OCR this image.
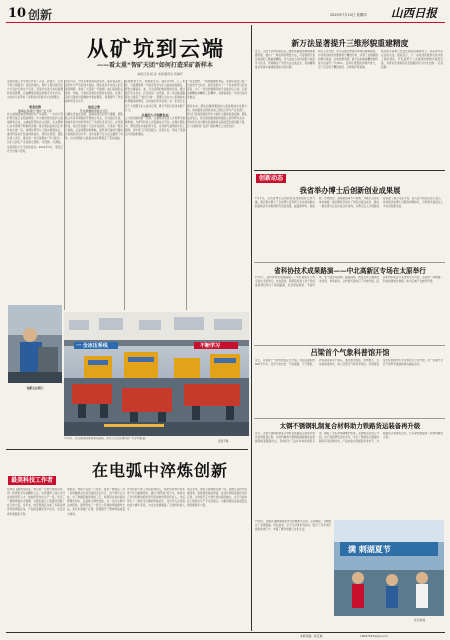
10 创新	2025年7月10日 星期四 山西日报
从矿坑到云端
——看太重“智矿天团”如何打造采矿新样本
本报记者 段 佳 本报通讯员 武琳平
从国机重工先导项目先到了企业，新建立、运营不再只局限在厂房的外墙内，智矿天团以数字化方式对矿区的生产运营、设备状态进行实时监测和远程管理，以高精度的算法和数字孪生技术，为采矿行业带来了全新的运营模式与发展理念。

勇者先锋
遇事在各项目“智矿”生力军
在太重集团重型机械的生产车间里，一台台大型矿用设备正在组装调试。作为国内领先的矿山装备制造企业，太重始终坚持自主创新，在关键核心技术领域不断取得突破。智矿团队的成员们多年来扎根一线，将理论研究与工程实践相结合，推动传统采矿装备向智能化、绿色化转型。团队负责人表示，要让每一台设备都能“开口说话”，让矿山的生产全流程可感知、可预测、可调控，这是团队矢志不渝的目标。2024年5月，项目正式交付用户使用。
刻苦攻关、攻坚克难是团队的底色。面对复杂的工况条件与严苛的技术指标，团队成员多次深入矿区现场调研，收集了大量第一手数据。他们搭建起从感知、传输、分析到决策的完整技术链条，实现了采矿设备的远程操控与智能调度，显著提升了作业效率和安全水平。

双定立势
开水源兼新的组合式定
为解决设备在高寒、高海拔地区的运行难题，团队联合多家科研院所开展联合攻关，针对液压系统、电控系统与结构件进行了系统性优化设计。在试验阶段，他们连续数十天驻守在现场，记录每一组运行参数，反复调整控制策略，最终使设备的可靠性达到国际先进水平。这些成果不仅为企业赢得了市场，也为我国矿山装备走向世界奠定了坚实基础。
搭建数智平台，构建新生态。团队将5G、人工智能、大数据等新一代信息技术与矿山装备深度融合，研发出覆盖采、装、运全流程的智能管控系统。通过数字孪生技术，矿区的每一台设备、每一条运输线路都在云端有了“数字分身”，管理人员在办公室就能实时掌握现场情况，及时做出科学决策。这一系统已在多个大型露天矿山成功应用，累计节约运营成本数千万元。

太重的人才创新生态
人才是创新的第一资源。太重持续完善人才培养与激励机制，为青年科技人员搭建成长平台。在智矿团队中，既有经验丰富的老专家，也有朝气蓬勃的年轻工程师，老中青三代相互配合、优势互补，形成了充满活力的创新梯队。
一张张图纸、一组组数据的背后，是团队成员日复一日的坚守与付出。他们常常为了一个技术细节讨论到深夜，为了一次试验数据奔波于各地矿区之间。正是这种精益求精的工匠精神，支撑着团队一次次攻克技术难关。

面向未来，团队将继续聚焦矿山装备智能化发展方向，加快推进关键技术的工程化应用与产业化推广，努力打造具有国际竞争力的矿山智能装备品牌。团队成员表示，将以更加饱满的热情投入到科研攻关中，用实际行动为推动装备制造业高质量发展贡献力量，让“太重智造”在更广阔的舞台上绽放光彩。
一 全冰压系线	不断学习
创新走在制门
张国平摄
7月3日，在太重集团智能制造基地，技术人员正在调试新一代矿用装备。
在电弧中淬炼创新
最美科技工作者
在焊花飞溅的车间里，他日复一日地与电弧为伴，用一把焊枪书写着精彩人生。从普通焊工成长为行业技能领军人才，他始终坚守在生产一线，攻克了一道道焊接技术难题，为国家重大工程建设贡献了自己的力量。多年来，他带领团队完成了多项关键部件的焊接任务，产品质量屡获用户好评，先后获得多项国家专利。
他常说，焊接不仅是一门技术，更是一种责任。每一条焊缝都关系到设备的安全运行，容不得半点马虎。为了掌握高难度焊接工艺，他利用业余时间钻研理论知识，反复练习操作技能，在一次次失败中总结经验，最终形成了一套行之有效的焊接操作方法，并在车间推广应用，显著提升了整体焊接质量与效率。
作为技能大师工作室的领衔人，他把培养青年技术骨干作为重要使命。通过“师带徒”的方式，他将自己多年积累的经验毫无保留地传授给年轻人，先后带出了一批技术过硬的焊接能手，其中多人在各级技能大赛中获奖，为企业发展储备了宝贵的技能人才。
谈及未来，他表示将继续扎根一线，紧跟行业技术发展趋势，积极探索智能焊接、自动化焊接等新技术的应用，让传统手艺与现代科技深度融合，在平凡的岗位上继续书写不平凡的篇章，为推动制造业高质量发展贡献更多力量。
新万法显著提升三维形貌重建精度
近日，山西大学研究团队在三维形貌重建领域取得重要进展，提出了一种全新的测量方法，可显著提升复杂表面的三维重建精度。该方法结合条纹投影与深度学习技术，有效解决了传统方法在高反光、深沟槽等复杂场景中重建误差较大的问题。
研究人员介绍，该方法通过构建多频相位解算模型，对采集到的条纹图像进行精准分析，实现了亚像素级的相位恢复。实验结果表明，新方法的重建精度较传统方法提升了约30%，且具有更强的抗噪声能力，可广泛应用于精密制造、文物保护等领域。
相关研究成果已发表在国际权威期刊上，并获得多家企业的关注。团队表示，下一步将加快推进该技术的工程化转化，开发适用于工业现场的便携式测量设备，为我省先进制造业发展提供有力技术支撑。（记者 张敏）
创新动态
我省举办博士后创新创业成果展
7月4日，山西省博士后创新创业成果展在太原开幕。展会集中展示了全省博士后科研工作站和创新实践基地近年来取得的代表性成果，涵盖新材料、新能源、生物医药、高端装备等多个领域，共吸引百余家单位参展。展会期间还举办了项目对接洽谈会，推动一批成果与企业达成合作意向，为博士后人才创新创业搭建了展示交流平台。省人社厅相关负责人表示，将持续优化博士后服务保障体系，引导更多高层次人才来晋创新创业。
省科协技术成果路演——中北高新区专场在太原举行
7月5日，省科协技术成果路演——中北高新区专场活动在太原举行。来自高校、科研院所的十余个科技成果项目进行了现场路演，涉及智能制造、节能环保、电子信息等领域。路演现场，项目负责人围绕技术优势、市场前景、合作模式等进行了详细介绍，投资机构和企业代表现场点评交流。活动进一步畅通了科技成果转化渠道，助力区域产业转型升级。
吕梁首个气象科普馆开馆
近日，吕梁首个气象科普馆正式开馆。该馆总面积约600平方米，设有气象历史、气象观测、天气预报、防灾减灾等多个展区，通过图文展板、实物展示、互动体验等形式，向公众普及气象科学知识。科普馆将常态化面向中小学生和社会公众开放，进一步提升全民气象科学素质和防灾减灾意识。
太钢不锈钢轧制复合材料助力铁路货运装备再升级
近日，太钢不锈钢轧制复合材料在铁路货运装备中成功实现批量应用。该材料兼具不锈钢的耐腐蚀性能和碳钢的高强度特点，有效延长了货车车体的使用寿命，降低了全生命周期维护成本。太钢相关负责人介绍，该产品的研发历时多年，攻克了界面结合强度控制等多项关键技术，产品性能达到国际先进水平，为铁路货运装备轻量化、长寿命发展提供了新材料解决方案。
满 刺湖夏节
7月6日，游客在湖畔参加夏季文化旅游节活动。活动期间，当地推出了非遗展演、特色美食、亲子互动等系列活动，吸引了众多市民游客前来打卡，丰富了群众的夏日文化生活。
原文新编
本版责编：杨宝瑜	19087545@qq.com
